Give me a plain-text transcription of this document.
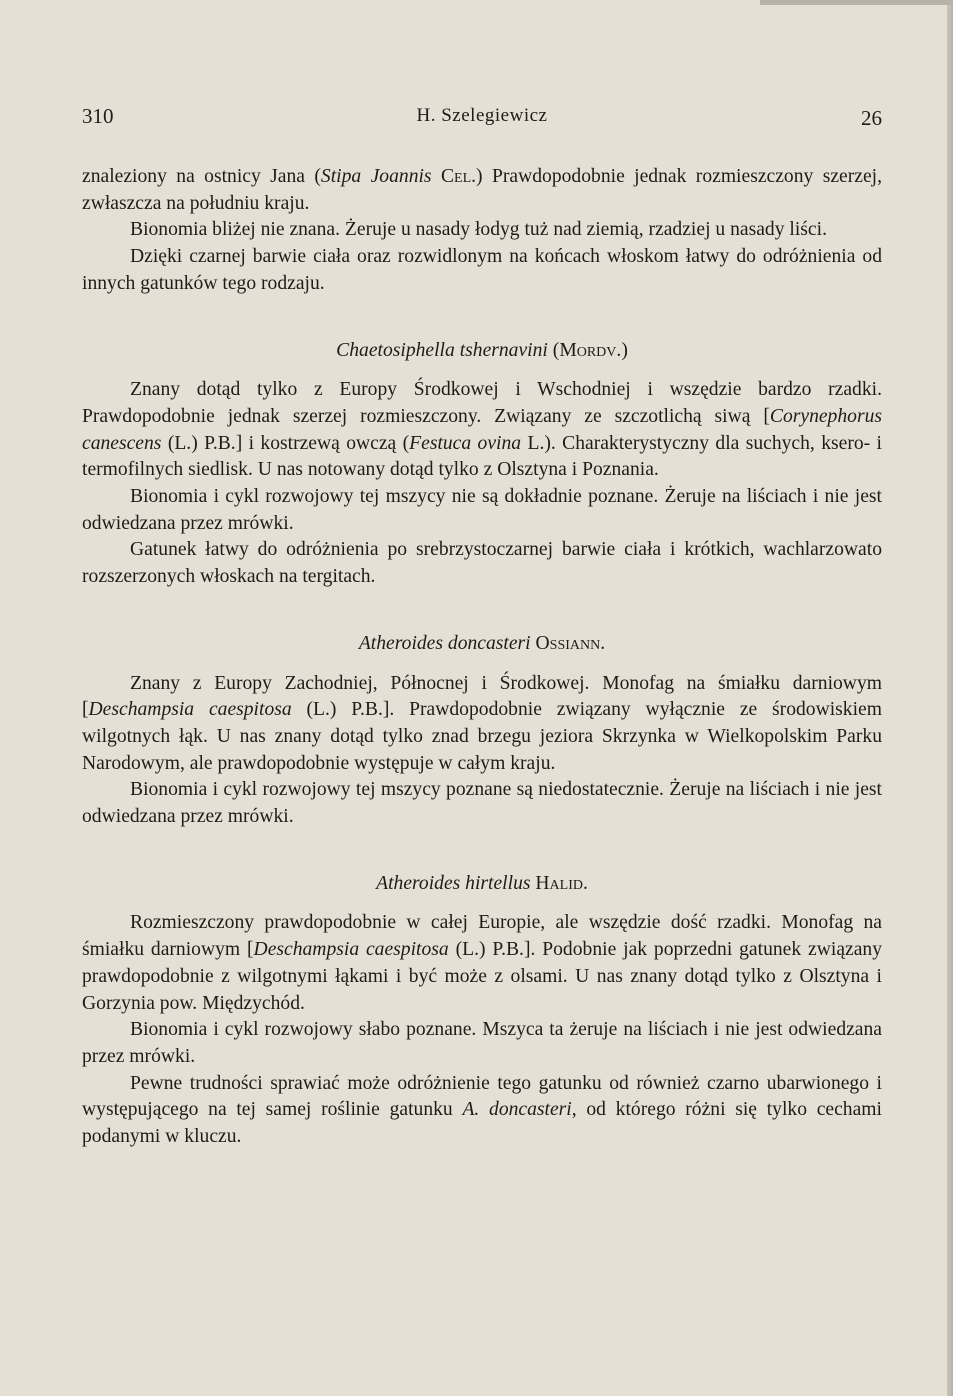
310	H. Szelegiewicz	26

znaleziony na ostnicy Jana (Stipa Joannis Cel.) Prawdopodobnie jednak rozmieszczony szerzej, zwłaszcza na południu kraju.

Bionomia bliżej nie znana. Żeruje u nasady łodyg tuż nad ziemią, rzadziej u nasady liści.

Dzięki czarnej barwie ciała oraz rozwidlonym na końcach włoskom łatwy do odróżnienia od innych gatunków tego rodzaju.

Chaetosiphella tshernavini (Mordv.)

Znany dotąd tylko z Europy Środkowej i Wschodniej i wszędzie bardzo rzadki. Prawdopodobnie jednak szerzej rozmieszczony. Związany ze szczotlichą siwą [Corynephorus canescens (L.) P.B.] i kostrzewą owczą (Festuca ovina L.). Charakterystyczny dla suchych, ksero- i termofilnych siedlisk. U nas notowany dotąd tylko z Olsztyna i Poznania.

Bionomia i cykl rozwojowy tej mszycy nie są dokładnie poznane. Żeruje na liściach i nie jest odwiedzana przez mrówki.

Gatunek łatwy do odróżnienia po srebrzystoczarnej barwie ciała i krótkich, wachlarzowato rozszerzonych włoskach na tergitach.

Atheroides doncasteri Ossiann.

Znany z Europy Zachodniej, Północnej i Środkowej. Monofag na śmiałku darniowym [Deschampsia caespitosa (L.) P.B.]. Prawdopodobnie związany wyłącznie ze środowiskiem wilgotnych łąk. U nas znany dotąd tylko znad brzegu jeziora Skrzynka w Wielkopolskim Parku Narodowym, ale prawdopodobnie występuje w całym kraju.

Bionomia i cykl rozwojowy tej mszycy poznane są niedostatecznie. Żeruje na liściach i nie jest odwiedzana przez mrówki.

Atheroides hirtellus Halid.

Rozmieszczony prawdopodobnie w całej Europie, ale wszędzie dość rzadki. Monofag na śmiałku darniowym [Deschampsia caespitosa (L.) P.B.]. Podobnie jak poprzedni gatunek związany prawdopodobnie z wilgotnymi łąkami i być może z olsami. U nas znany dotąd tylko z Olsztyna i Gorzynia pow. Międzychód.

Bionomia i cykl rozwojowy słabo poznane. Mszyca ta żeruje na liściach i nie jest odwiedzana przez mrówki.

Pewne trudności sprawiać może odróżnienie tego gatunku od również czarno ubarwionego i występującego na tej samej roślinie gatunku A. doncasteri, od którego różni się tylko cechami podanymi w kluczu.
